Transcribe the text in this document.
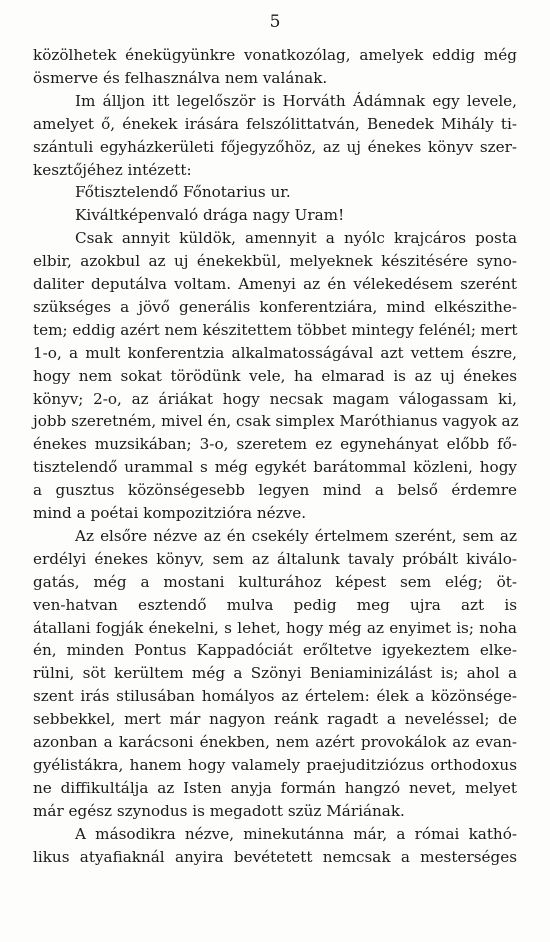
5
közölhetek énekügyünkre vonatkozólag, amelyek eddig még
ösmerve és felhasználva nem valának.
Im álljon itt legelőször is Horváth Ádámnak egy levele,
amelyet ő, énekek irására felszólittatván, Benedek Mihály ti-
szántuli egyházkerületi főjegyzőhöz, az uj énekes könyv szer-
kesztőjéhez intézett:
Főtisztelendő Főnotarius ur.
Kiváltképenvaló drága nagy Uram!
Csak annyit küldök, amennyit a nyólc krajcáros posta
elbir, azokbul az uj énekekbül, melyeknek készitésére syno-
daliter deputálva voltam. Amenyi az én vélekedésem szerént
szükséges a jövő generális konferentziára, mind elkészithe-
tem; eddig azért nem készitettem többet mintegy felénél; mert
1-o, a mult konferentzia alkalmatosságával azt vettem észre,
hogy nem sokat törödünk vele, ha elmarad is az uj énekes
könyv; 2-o, az áriákat hogy necsak magam válogassam ki,
jobb szeretném, mivel én, csak simplex Maróthianus vagyok az
énekes muzsikában; 3-o, szeretem ez egynehányat előbb fő-
tisztelendő urammal s még egykét barátommal közleni, hogy
a gusztus közönségesebb legyen mind a belső érdemre
mind a poétai kompozitzióra nézve.
Az elsőre nézve az én csekély értelmem szerént, sem az
erdélyi énekes könyv, sem az általunk tavaly próbált kiválo-
gatás, még a mostani kulturához képest sem elég; öt-
ven-hatvan esztendő mulva pedig meg ujra azt is
átallani fogják énekelni, s lehet, hogy még az enyimet is; noha
én, minden Pontus Kappadóciát erőltetve igyekeztem elke-
rülni, söt kerültem még a Szönyi Beniaminizálást is; ahol a
szent irás stilusában homályos az értelem: élek a közönsége-
sebbekkel, mert már nagyon reánk ragadt a neveléssel; de
azonban a karácsoni énekben, nem azért provokálok az evan-
gyélistákra, hanem hogy valamely praejuditziózus orthodoxus
ne diffikultálja az Isten anyja formán hangzó nevet, melyet
már egész szynodus is megadott szüz Máriának.
A másodikra nézve, minekutánna már, a római kathó-
likus atyafiaknál anyira bevétetett nemcsak a mesterséges
